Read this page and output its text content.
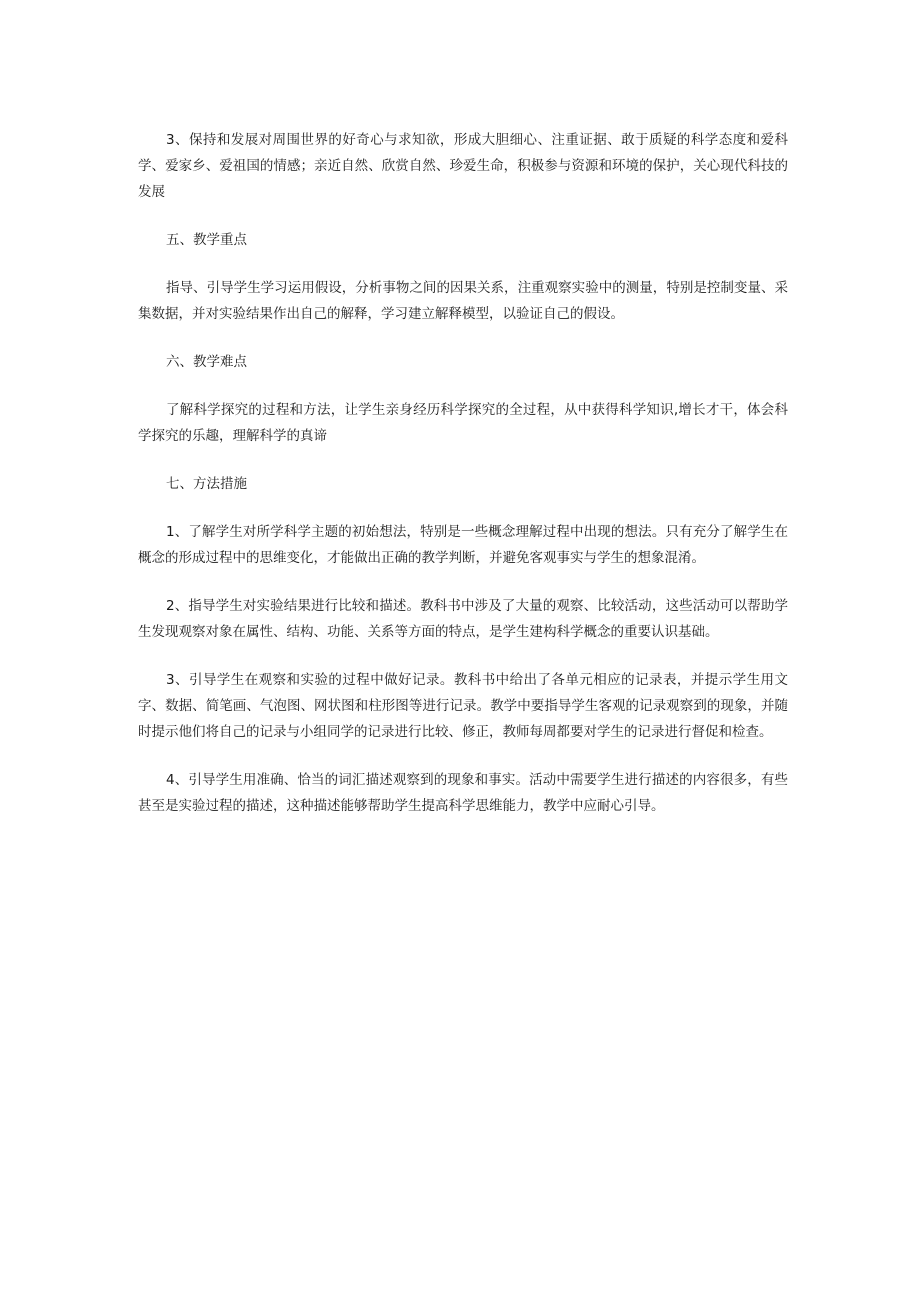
3、保持和发展对周围世界的好奇心与求知欲，形成大胆细心、注重证据、敢于质疑的科学态度和爱科学、爱家乡、爱祖国的情感；亲近自然、欣赏自然、珍爱生命，积极参与资源和环境的保护，关心现代科技的发展

五、教学重点

指导、引导学生学习运用假设，分析事物之间的因果关系，注重观察实验中的测量，特别是控制变量、采集数据，并对实验结果作出自己的解释，学习建立解释模型，以验证自己的假设。

六、教学难点

了解科学探究的过程和方法，让学生亲身经历科学探究的全过程，从中获得科学知识,增长才干，体会科学探究的乐趣，理解科学的真谛

七、方法措施

1、了解学生对所学科学主题的初始想法，特别是一些概念理解过程中出现的想法。只有充分了解学生在概念的形成过程中的思维变化，才能做出正确的教学判断，并避免客观事实与学生的想象混淆。

2、指导学生对实验结果进行比较和描述。教科书中涉及了大量的观察、比较活动，这些活动可以帮助学生发现观察对象在属性、结构、功能、关系等方面的特点，是学生建构科学概念的重要认识基础。

3、引导学生在观察和实验的过程中做好记录。教科书中给出了各单元相应的记录表，并提示学生用文字、数据、简笔画、气泡图、网状图和柱形图等进行记录。教学中要指导学生客观的记录观察到的现象，并随时提示他们将自己的记录与小组同学的记录进行比较、修正，教师每周都要对学生的记录进行督促和检查。

4、引导学生用准确、恰当的词汇描述观察到的现象和事实。活动中需要学生进行描述的内容很多，有些甚至是实验过程的描述，这种描述能够帮助学生提高科学思维能力，教学中应耐心引导。
